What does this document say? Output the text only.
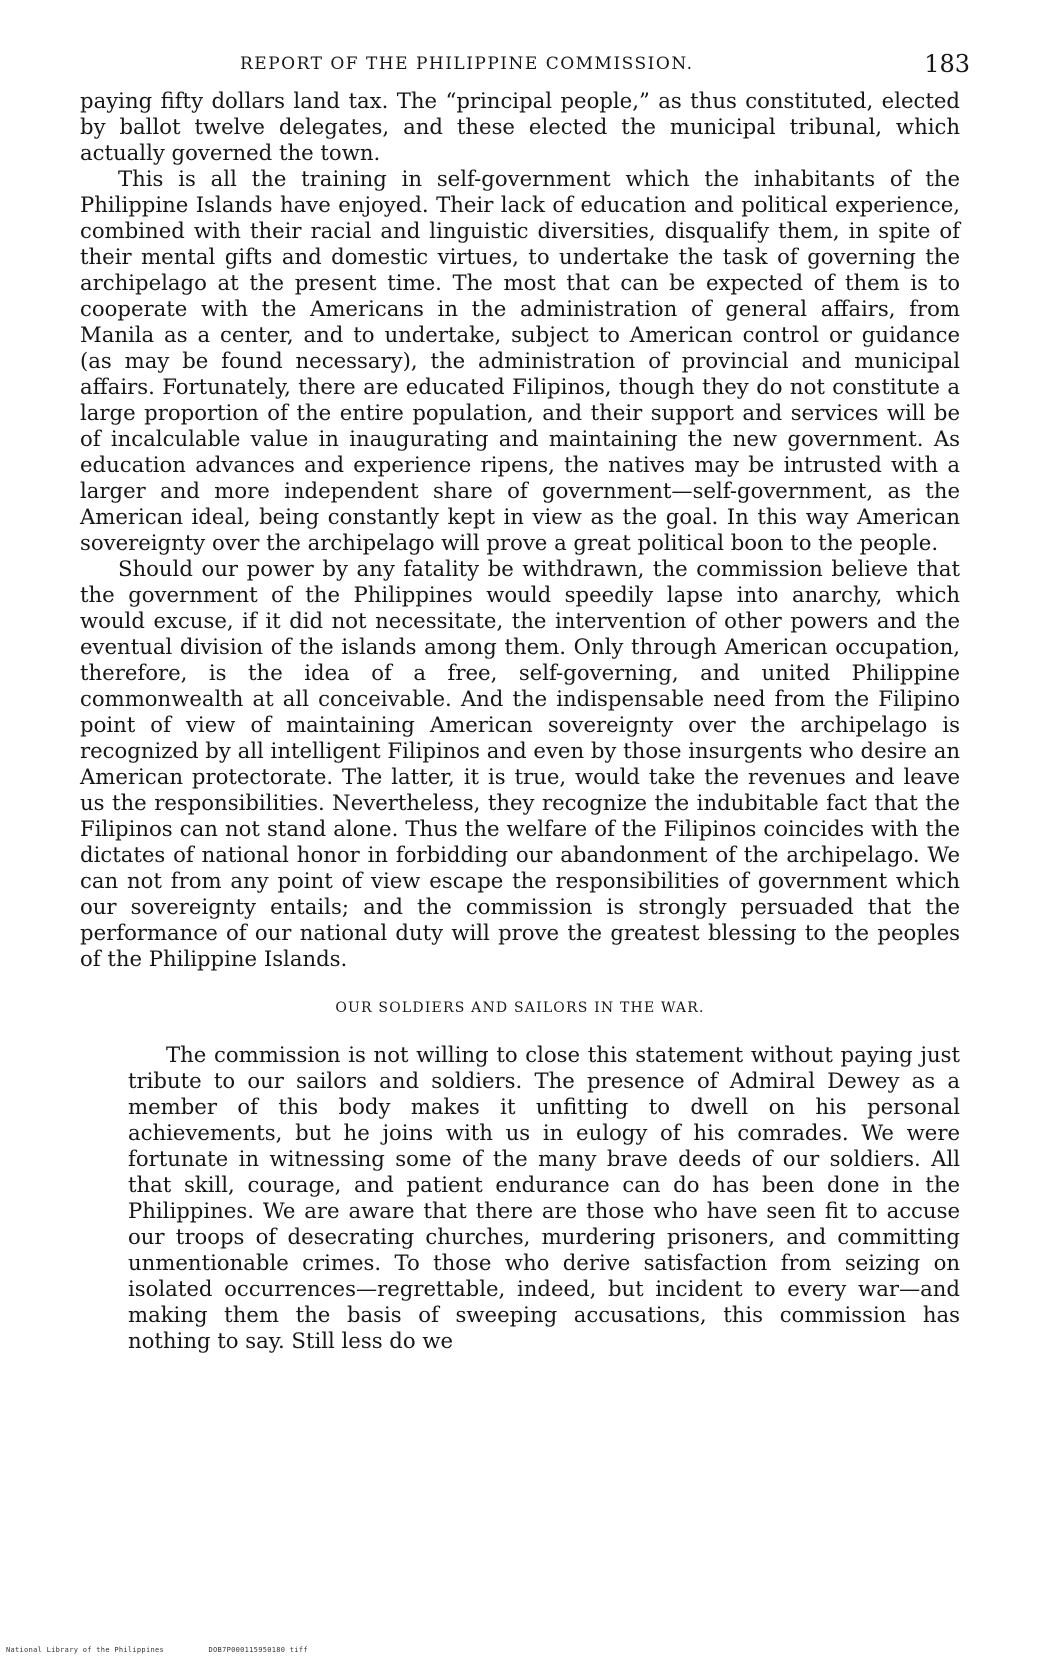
REPORT OF THE PHILIPPINE COMMISSION.	183

paying fifty dollars land tax. The “principal people,” as thus constituted, elected by ballot twelve delegates, and these elected the municipal tribunal, which actually governed the town.

This is all the training in self-government which the inhabitants of the Philippine Islands have enjoyed. Their lack of education and political experience, combined with their racial and linguistic diversities, disqualify them, in spite of their mental gifts and domestic virtues, to undertake the task of governing the archipelago at the present time. The most that can be expected of them is to cooperate with the Americans in the administration of general affairs, from Manila as a center, and to undertake, subject to American control or guidance (as may be found necessary), the administration of provincial and municipal affairs. Fortunately, there are educated Filipinos, though they do not constitute a large proportion of the entire population, and their support and services will be of incalculable value in inaugurating and maintaining the new government. As education advances and experience ripens, the natives may be intrusted with a larger and more independent share of government—self-government, as the American ideal, being constantly kept in view as the goal. In this way American sovereignty over the archipelago will prove a great political boon to the people.

Should our power by any fatality be withdrawn, the commission believe that the government of the Philippines would speedily lapse into anarchy, which would excuse, if it did not necessitate, the intervention of other powers and the eventual division of the islands among them. Only through American occupation, therefore, is the idea of a free, self-governing, and united Philippine commonwealth at all conceivable. And the indispensable need from the Filipino point of view of maintaining American sovereignty over the archipelago is recognized by all intelligent Filipinos and even by those insurgents who desire an American protectorate. The latter, it is true, would take the revenues and leave us the responsibilities. Nevertheless, they recognize the indubitable fact that the Filipinos can not stand alone. Thus the welfare of the Filipinos coincides with the dictates of national honor in forbidding our abandonment of the archipelago. We can not from any point of view escape the responsibilities of government which our sovereignty entails; and the commission is strongly persuaded that the performance of our national duty will prove the greatest blessing to the peoples of the Philippine Islands.

OUR SOLDIERS AND SAILORS IN THE WAR.

The commission is not willing to close this statement without paying just tribute to our sailors and soldiers. The presence of Admiral Dewey as a member of this body makes it unfitting to dwell on his personal achievements, but he joins with us in eulogy of his comrades. We were fortunate in witnessing some of the many brave deeds of our soldiers. All that skill, courage, and patient endurance can do has been done in the Philippines. We are aware that there are those who have seen fit to accuse our troops of desecrating churches, murdering prisoners, and committing unmentionable crimes. To those who derive satisfaction from seizing on isolated occurrences—regrettable, indeed, but incident to every war—and making them the basis of sweeping accusations, this commission has nothing to say. Still less do we

National Library of the Philippines	DOB7P000115950180 tiff
